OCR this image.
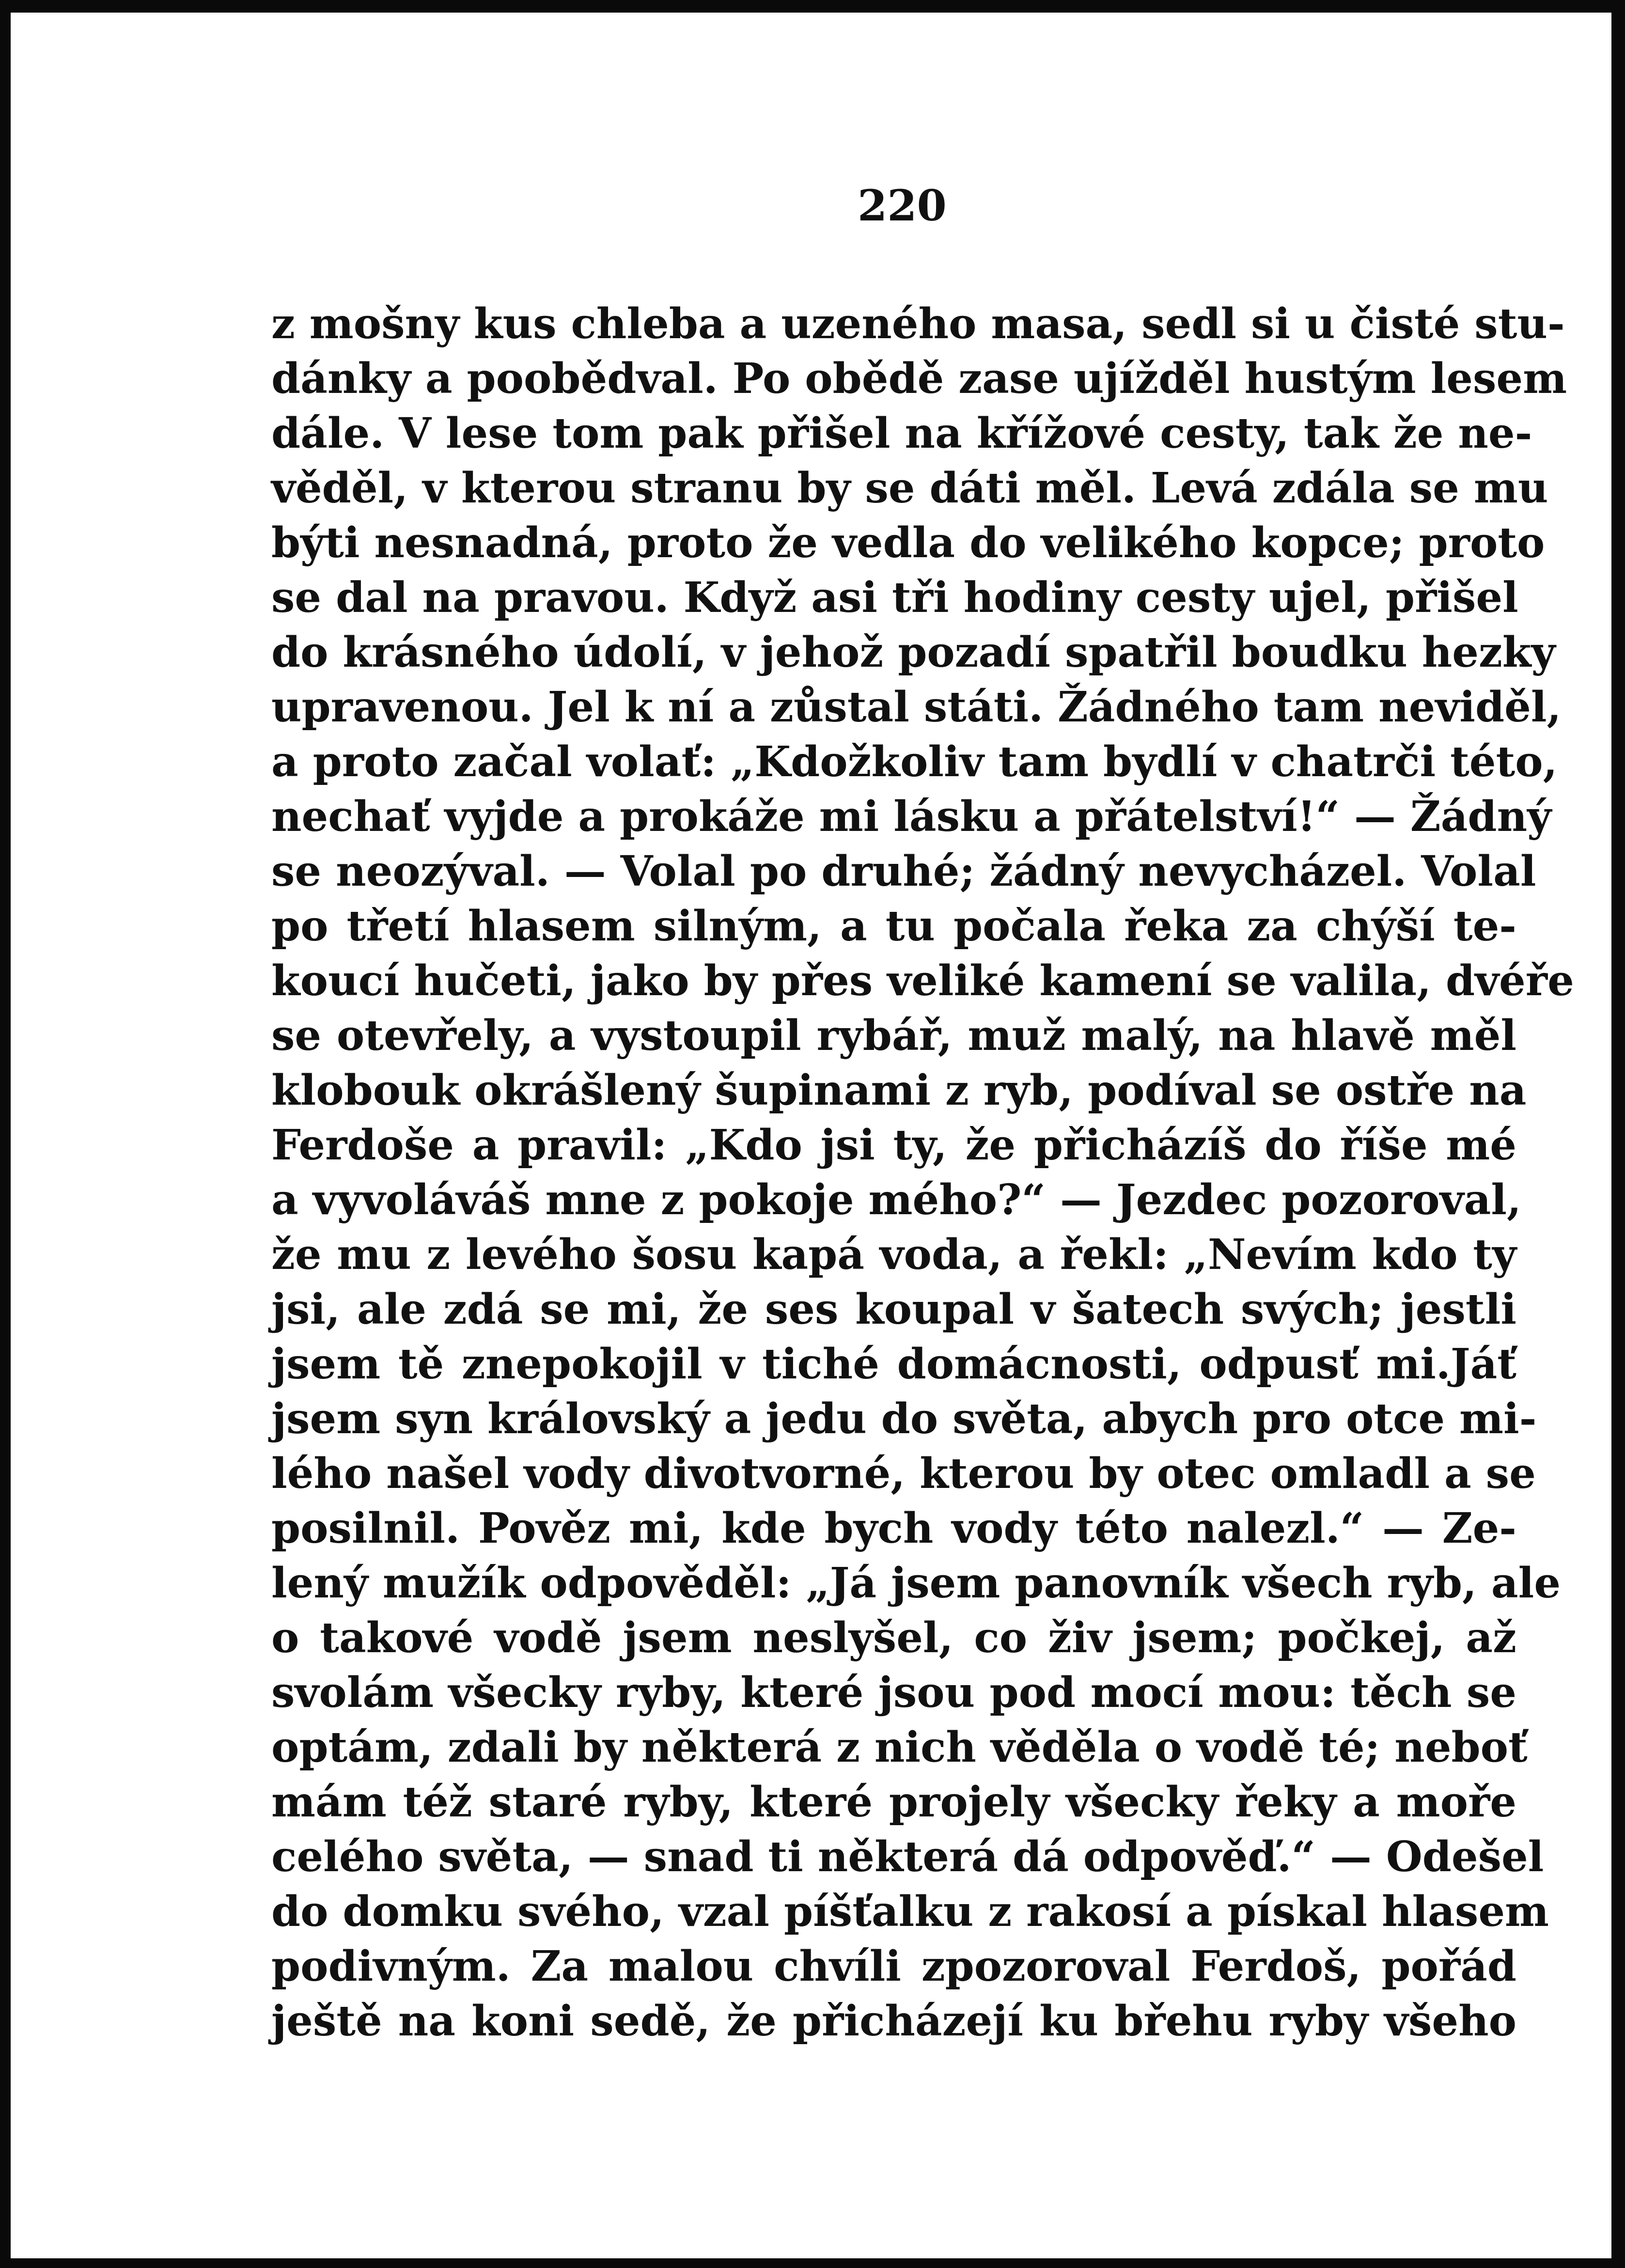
220
z mošny kus chleba a uzeného masa, sedl si u čisté stu-
dánky a poobědval. Po obědě zase ujížděl hustým lesem
dále. V lese tom pak přišel na křížové cesty, tak že ne-
věděl, v kterou stranu by se dáti měl. Levá zdála se mu
býti nesnadná, proto že vedla do velikého kopce; proto
se dal na pravou. Když asi tři hodiny cesty ujel, přišel
do krásného údolí, v jehož pozadí spatřil boudku hezky
upravenou. Jel k ní a zůstal státi. Žádného tam neviděl,
a proto začal volať: „Kdožkoliv tam bydlí v chatrči této,
nechať vyjde a prokáže mi lásku a přátelství!“ — Žádný
se neozýval. — Volal po druhé; žádný nevycházel. Volal
po třetí hlasem silným, a tu počala řeka za chýší te-
koucí hučeti, jako by přes veliké kamení se valila, dvéře
se otevřely, a vystoupil rybář, muž malý, na hlavě měl
klobouk okrášlený šupinami z ryb, podíval se ostře na
Ferdoše a pravil: „Kdo jsi ty, že přicházíš do říše mé
a vyvoláváš mne z pokoje mého?“ — Jezdec pozoroval,
že mu z levého šosu kapá voda, a řekl: „Nevím kdo ty
jsi, ale zdá se mi, že ses koupal v šatech svých; jestli
jsem tě znepokojil v tiché domácnosti, odpusť mi.Jáť
jsem syn královský a jedu do světa, abych pro otce mi-
lého našel vody divotvorné, kterou by otec omladl a se
posilnil. Pověz mi, kde bych vody této nalezl.“ — Ze-
lený mužík odpověděl: „Já jsem panovník všech ryb, ale
o takové vodě jsem neslyšel, co živ jsem; počkej, až
svolám všecky ryby, které jsou pod mocí mou: těch se
optám, zdali by některá z nich věděla o vodě té; neboť
mám též staré ryby, které projely všecky řeky a moře
celého světa, — snad ti některá dá odpověď.“ — Odešel
do domku svého, vzal píšťalku z rakosí a pískal hlasem
podivným. Za malou chvíli zpozoroval Ferdoš, pořád
ještě na koni sedě, že přicházejí ku břehu ryby všeho
